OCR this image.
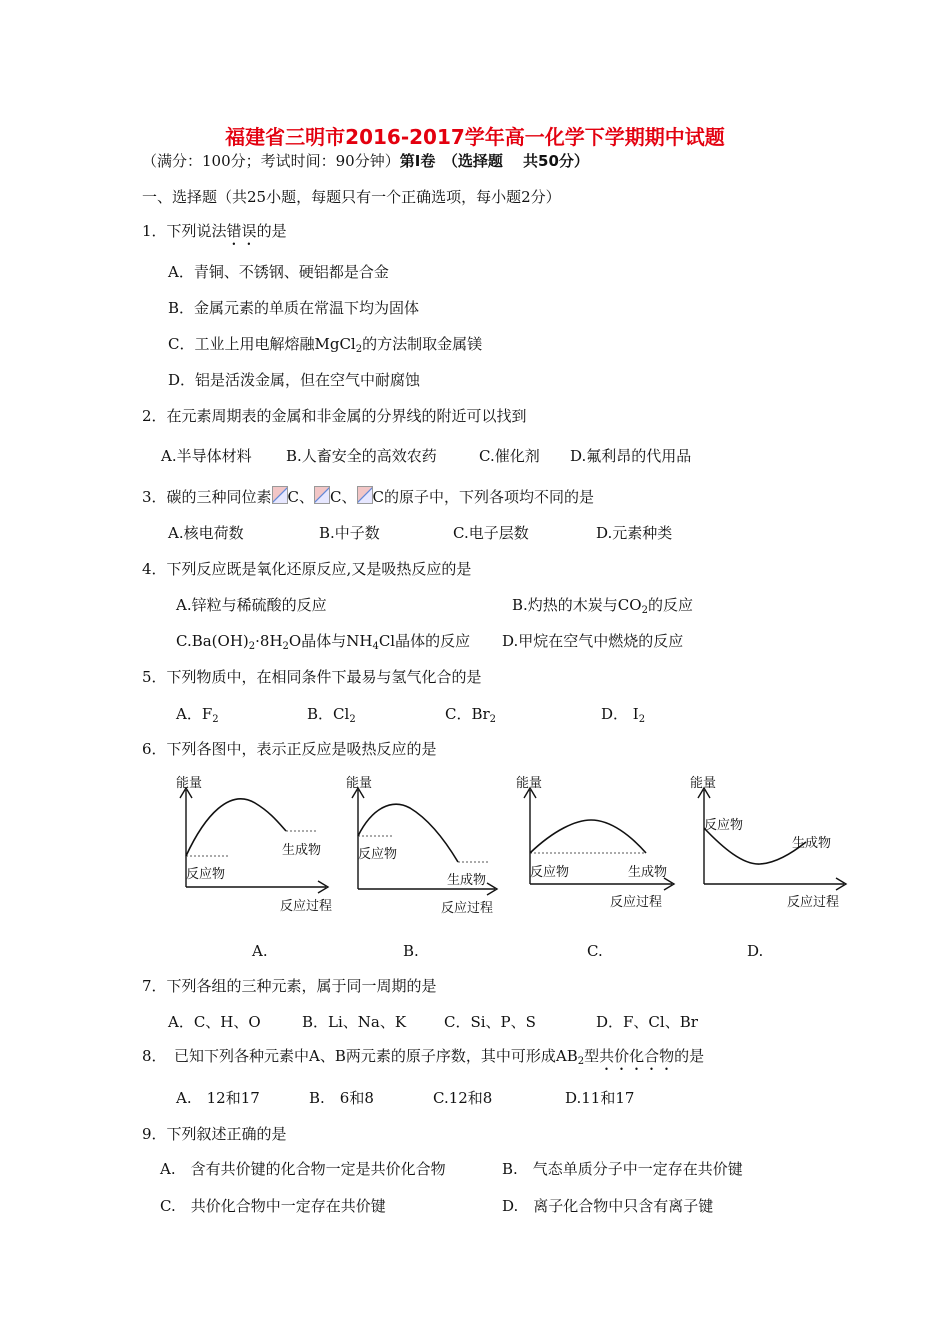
福建省三明市2016-2017学年高一化学下学期期中试题
（满分：100分；考试时间：90分钟）第Ⅰ卷　（选择题　 共50分）
一、选择题（共25小题，每题只有一个正确选项，每小题2分）
1．下列说法错误的是
A．青铜、不锈钢、硬铝都是合金
B．金属元素的单质在常温下均为固体
C．工业上用电解熔融MgCl$_2$的方法制取金属镁
D．铝是活泼金属，但在空气中耐腐蚀
2．在元素周期表的金属和非金属的分界线的附近可以找到
A.半导体材料 B.人畜安全的高效农药	C.催化剂 D.氟利昂的代用品
3．碳的三种同位素 C、 C、 C的原子中，下列各项均不同的是
A.核电荷数	B.中子数	C.电子层数	D.元素种类
4．下列反应既是氧化还原反应,又是吸热反应的是
A.锌粒与稀硫酸的反应	B.灼热的木炭与$CO_2$的反应
$C.Ba(OH)_2\cdot 8H_2O$晶体与$NH_4Cl$晶体的反应 D.甲烷在空气中燃烧的反应
5．下列物质中，在相同条件下最易与氢气化合的是
A．$F_2$	B．$Cl_2$	C．$Br_2$	D． $I_2$
6．下列各图中，表示正反应是吸热反应的是
能量
反应物
生成物
反应过程
能量
反应物
生成物
反应过程
能量
反应物	生成物
反应过程
能量
反应物
生成物
反应过程
A.	B.	C.	D.
7．下列各组的三种元素，属于同一周期的是
A．C、H、O	B．Li、Na、K	C．Si、P、S	D．F、Cl、Br
8．　已知下列各种元素中A、B两元素的原子序数，其中可形成$AB_2$型共价化合物的是
A.　12和17	B.　6和8	C.12和8	D.11和17
9．下列叙述正确的是
A.　含有共价键的化合物一定是共价化合物	B.　气态单质分子中一定存在共价键
C.　共价化合物中一定存在共价键	D.　离子化合物中只含有离子键
